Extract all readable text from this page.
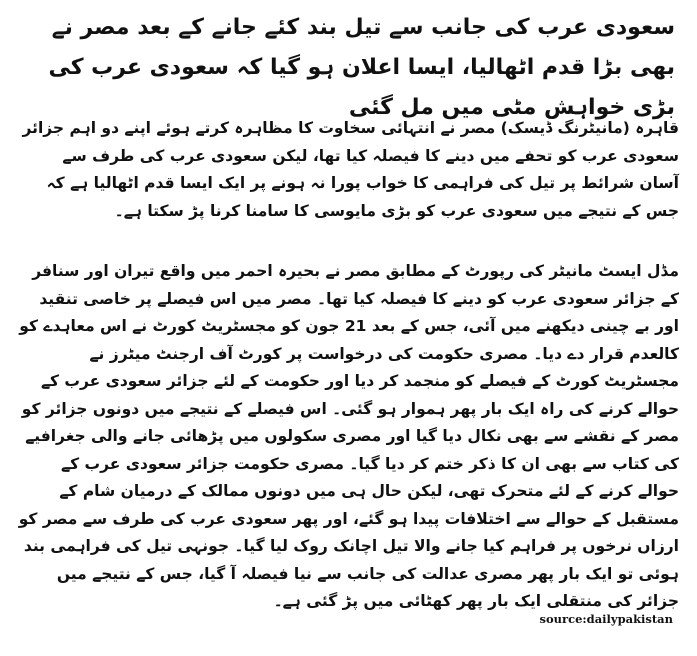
سعودی عرب کی جانب سے تیل بند کئے جانے کے بعد مصر نے بھی بڑا قدم اٹھالیا، ایسا اعلان ہو گیا کہ سعودی عرب کی بڑی خواہش مٹی میں مل گئی
قاہرہ (مانیٹرنگ ڈیسک) مصر نے انتہائی سخاوت کا مظاہرہ کرتے ہوئے اپنے دو اہم جزائر سعودی عرب کو تحفے میں دینے کا فیصلہ کیا تھا، لیکن سعودی عرب کی طرف سے آسان شرائط پر تیل کی فراہمی کا خواب پورا نہ ہونے پر ایک ایسا قدم اٹھالیا ہے کہ جس کے نتیجے میں سعودی عرب کو بڑی مایوسی کا سامنا کرنا پڑ سکتا ہے۔
مڈل ایسٹ مانیٹر کی رپورٹ کے مطابق مصر نے بحیرہ احمر میں واقع تیران اور سنافر کے جزائر سعودی عرب کو دینے کا فیصلہ کیا تھا۔ مصر میں اس فیصلے پر خاصی تنقید اور بے چینی دیکھنے میں آئی، جس کے بعد 21 جون کو مجسٹریٹ کورٹ نے اس معاہدے کو کالعدم قرار دے دیا۔ مصری حکومت کی درخواست پر کورٹ آف ارجنٹ میٹرز نے مجسٹریٹ کورٹ کے فیصلے کو منجمد کر دیا اور حکومت کے لئے جزائر سعودی عرب کے حوالے کرنے کی راہ ایک بار پھر ہموار ہو گئی۔ اس فیصلے کے نتیجے میں دونوں جزائر کو مصر کے نقشے سے بھی نکال دیا گیا اور مصری سکولوں میں پڑھائی جانے والی جغرافیے کی کتاب سے بھی ان کا ذکر ختم کر دیا گیا۔ مصری حکومت جزائر سعودی عرب کے حوالے کرنے کے لئے متحرک تھی، لیکن حال ہی میں دونوں ممالک کے درمیان شام کے مستقبل کے حوالے سے اختلافات پیدا ہو گئے، اور پھر سعودی عرب کی طرف سے مصر کو ارزاں نرخوں پر فراہم کیا جانے والا تیل اچانک روک لیا گیا۔ جونہی تیل کی فراہمی بند ہوئی تو ایک بار پھر مصری عدالت کی جانب سے نیا فیصلہ آ گیا، جس کے نتیجے میں جزائر کی منتقلی ایک بار پھر کھٹائی میں پڑ گئی ہے۔
source:dailypakistan
